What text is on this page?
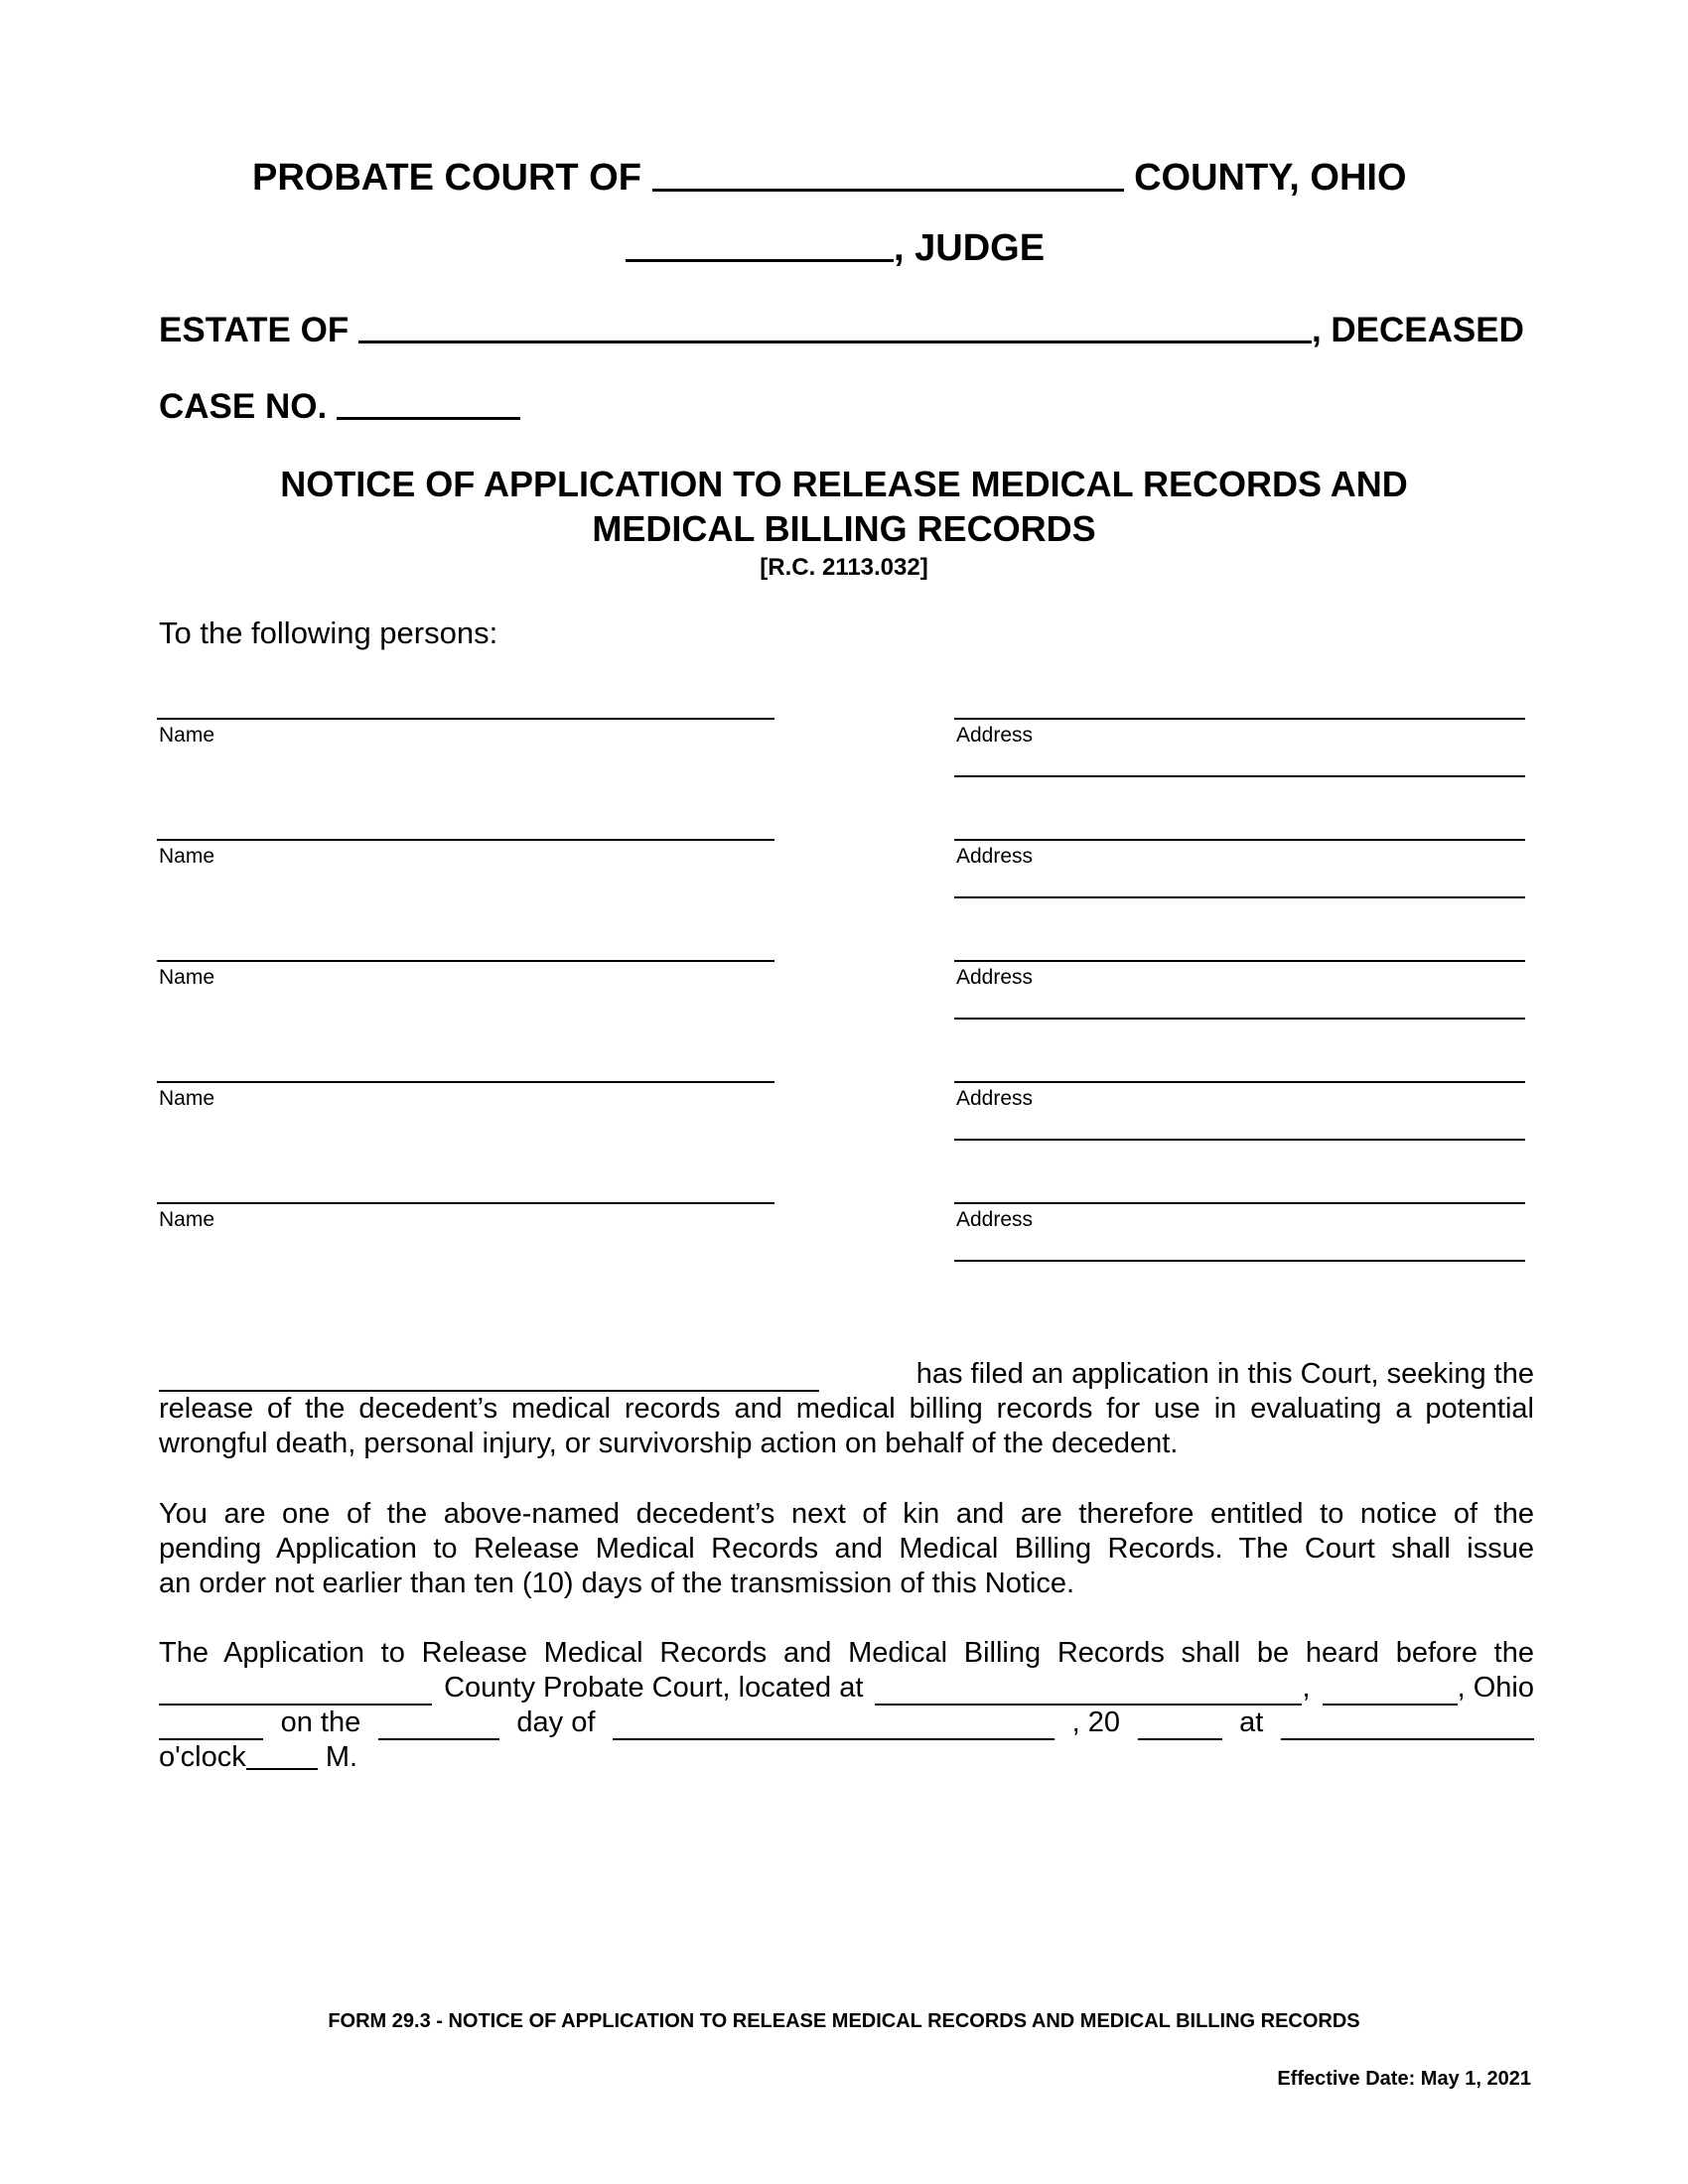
PROBATE COURT OF	COUNTY, OHIO
, JUDGE
ESTATE OF	, DECEASED
CASE NO.
NOTICE OF APPLICATION TO RELEASE MEDICAL RECORDS AND
MEDICAL BILLING RECORDS
[R.C. 2113.032]
To the following persons:
Name	Address
Name	Address
Name	Address
Name	Address
Name	Address
has filed an application in this Court, seeking the
release of the decedent’s medical records and medical billing records for use in evaluating a potential
wrongful death, personal injury, or survivorship action on behalf of the decedent.
You are one of the above-named decedent’s next of kin and are therefore entitled to notice of the
pending Application to Release Medical Records and Medical Billing Records. The Court shall issue
an order not earlier than ten (10) days of the transmission of this Notice.
The Application to Release Medical Records and Medical Billing Records shall be heard before the
County Probate Court, located at	,	, Ohio
on the	day of	, 20	at
o'clock	M.
FORM 29.3 - NOTICE OF APPLICATION TO RELEASE MEDICAL RECORDS AND MEDICAL BILLING RECORDS
Effective Date: May 1, 2021
